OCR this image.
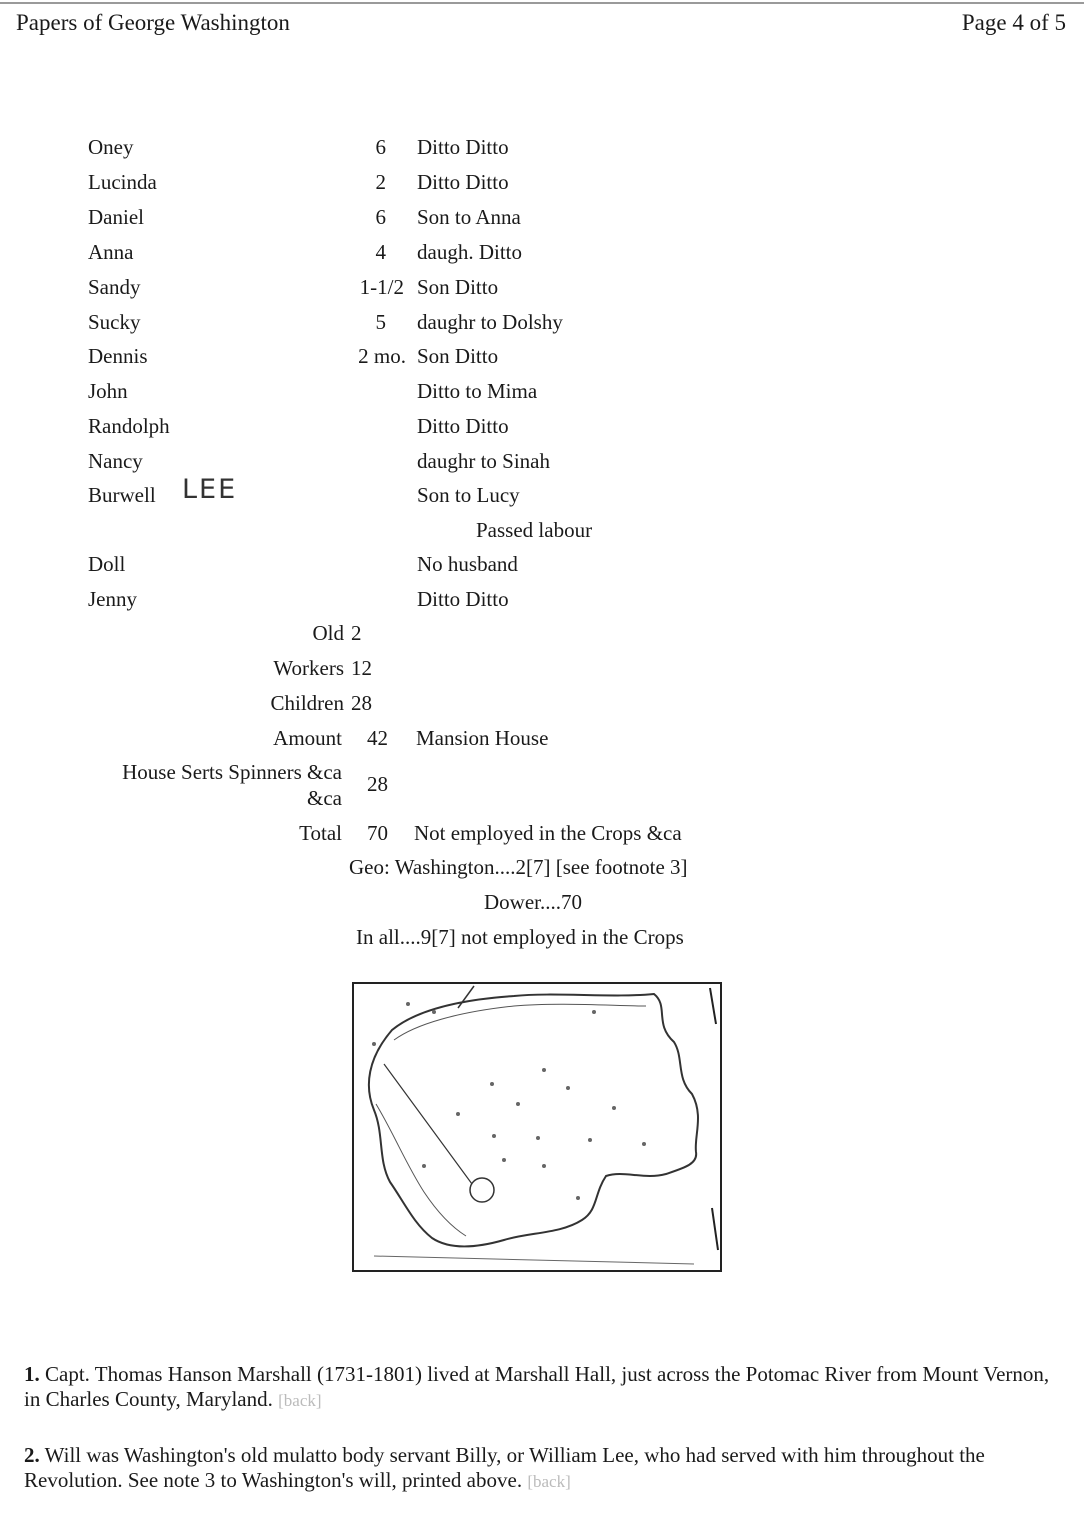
Papers of George Washington	Page 4 of 5
Oney	6 Ditto Ditto
Lucinda	2 Ditto Ditto
Daniel	6 Son to Anna
Anna	4 daugh. Ditto
Sandy	1-1/2 Son Ditto
Sucky	5 daughr to Dolshy
Dennis	2 mo. Son Ditto
John	Ditto to Mima
Randolph	Ditto Ditto
Nancy	daughr to Sinah
Burwell	Son to Lucy
LEE
Passed labour
Doll	No husband
Jenny	Ditto Ditto
Old 2
Workers 12
Children 28
Amount 42 Mansion House
House Serts Spinners &ca &ca
28
Total 70 Not employed in the Crops &ca
Geo: Washington....2[7] [see footnote 3]
Dower....70
In all....9[7] not employed in the Crops
1. Capt. Thomas Hanson Marshall (1731-1801) lived at Marshall Hall, just across the Potomac River from Mount Vernon, in Charles County, Maryland. [back]
2. Will was Washington's old mulatto body servant Billy, or William Lee, who had served with him throughout the Revolution. See note 3 to Washington's will, printed above. [back]
